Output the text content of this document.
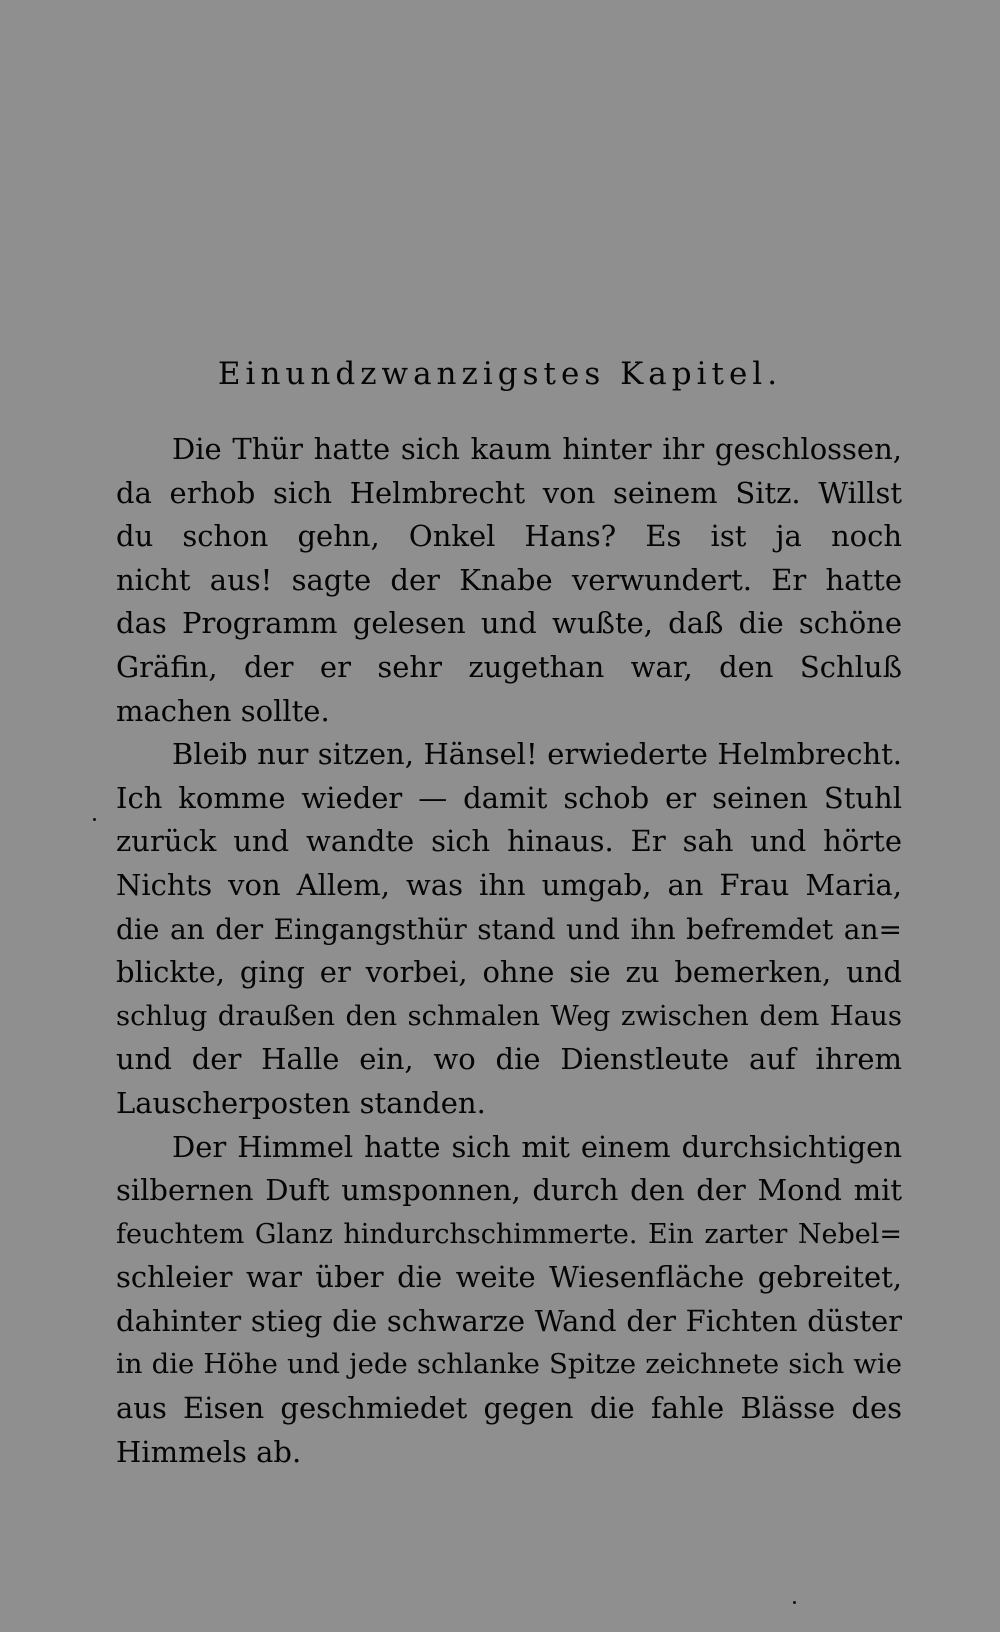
Einundzwanzigstes Kapitel.
Die Thür hatte sich kaum hinter ihr geschlossen,
da erhob sich Helmbrecht von seinem Sitz. Willst
du schon gehn, Onkel Hans? Es ist ja noch
nicht aus! sagte der Knabe verwundert. Er hatte
das Programm gelesen und wußte, daß die schöne
Gräfin, der er sehr zugethan war, den Schluß
machen sollte.
Bleib nur sitzen, Hänsel! erwiederte Helmbrecht.
Ich komme wieder — damit schob er seinen Stuhl
zurück und wandte sich hinaus. Er sah und hörte
Nichts von Allem, was ihn umgab, an Frau Maria,
die an der Eingangsthür stand und ihn befremdet an=
blickte, ging er vorbei, ohne sie zu bemerken, und
schlug draußen den schmalen Weg zwischen dem Haus
und der Halle ein, wo die Dienstleute auf ihrem
Lauscherposten standen.
Der Himmel hatte sich mit einem durchsichtigen
silbernen Duft umsponnen, durch den der Mond mit
feuchtem Glanz hindurchschimmerte. Ein zarter Nebel=
schleier war über die weite Wiesenfläche gebreitet,
dahinter stieg die schwarze Wand der Fichten düster
in die Höhe und jede schlanke Spitze zeichnete sich wie
aus Eisen geschmiedet gegen die fahle Blässe des
Himmels ab.
